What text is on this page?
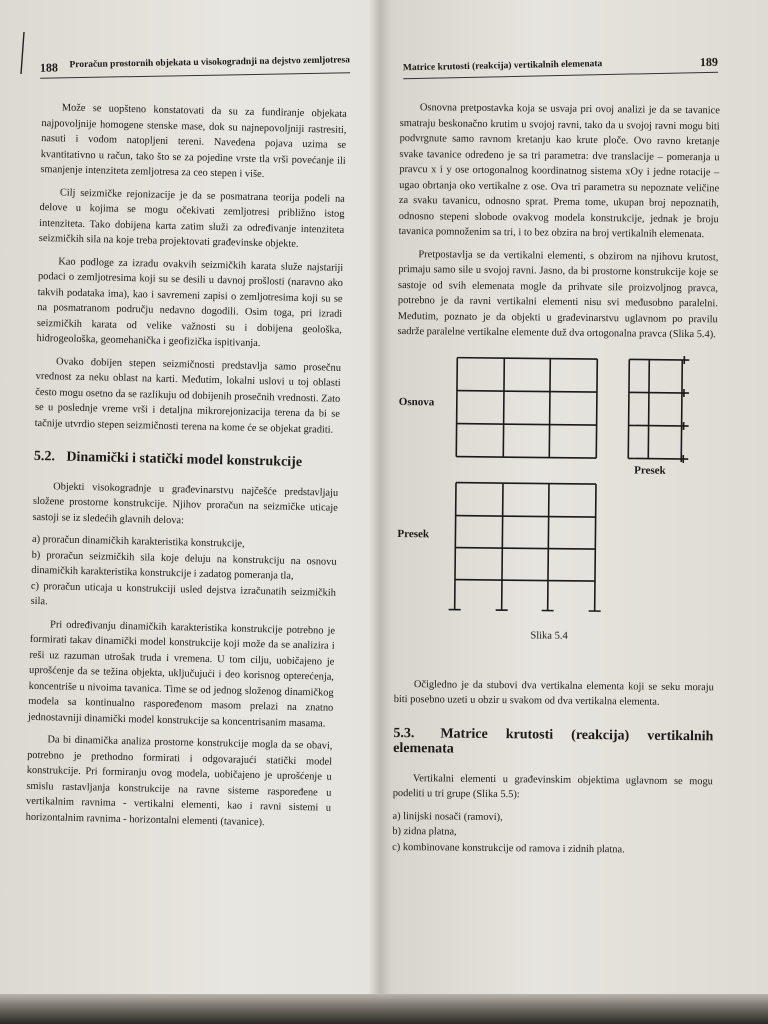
188 Proračun prostornih objekata u visokogradnji na dejstvo zemljotresa

Može se uopšteno konstatovati da su za fundiranje objekata najpovoljnije homogene stenske mase, dok su najnepovoljniji rastresiti, nasuti i vodom natopljeni tereni. Navedena pojava uzima se kvantitativno u račun, tako što se za pojedine vrste tla vrši povećanje ili smanjenje intenziteta zemljotresa za ceo stepen i više.

Cilj seizmičke rejonizacije je da se posmatrana teorija podeli na delove u kojima se mogu očekivati zemljotresi približno istog intenziteta. Tako dobijena karta zatim služi za određivanje intenziteta seizmičkih sila na koje treba projektovati građevinske objekte.

Kao podloge za izradu ovakvih seizmičkih karata služe najstariji podaci o zemljotresima koji su se desili u davnoj prošlosti (naravno ako takvih podataka ima), kao i savremeni zapisi o zemljotresima koji su se na posmatranom području nedavno dogodili. Osim toga, pri izradi seizmičkih karata od velike važnosti su i dobijena geološka, hidrogeološka, geomehanička i geofizička ispitivanja.

Ovako dobijen stepen seizmičnosti predstavlja samo prosečnu vrednost za neku oblast na karti. Međutim, lokalni uslovi u toj oblasti često mogu osetno da se razlikuju od dobijenih prosečnih vrednosti. Zato se u poslednje vreme vrši i detaljna mikrorejonizacija terena da bi se tačnije utvrdio stepen seizmičnosti terena na kome će se objekat graditi.

5.2. Dinamički i statički model konstrukcije

Objekti visokogradnje u građevinarstvu najčešće predstavljaju složene prostorne konstrukcije. Njihov proračun na seizmičke uticaje sastoji se iz sledećih glavnih delova:

a) proračun dinamičkih karakteristika konstrukcije,
b) proračun seizmičkih sila koje deluju na konstrukciju na osnovu dinamičkih karakteristika konstrukcije i zadatog pomeranja tla,
c) proračun uticaja u konstrukciji usled dejstva izračunatih seizmičkih sila.

Pri određivanju dinamičkih karakteristika konstrukcije potrebno je formirati takav dinamički model konstrukcije koji može da se analizira i reši uz razuman utrošak truda i vremena. U tom cilju, uobičajeno je uprošćenje da se težina objekta, uključujući i deo korisnog opterećenja, koncentriše u nivoima tavanica. Time se od jednog složenog dinamičkog modela sa kontinualno raspoređenom masom prelazi na znatno jednostavniji dinamički model konstrukcije sa koncentrisanim masama.

Da bi dinamička analiza prostorne konstrukcije mogla da se obavi, potrebno je prethodno formirati i odgovarajući statički model konstrukcije. Pri formiranju ovog modela, uobičajeno je uprošćenje u smislu rastavljanja konstrukcije na ravne sisteme raspoređene u vertikalnim ravnima - vertikalni elementi, kao i ravni sistemi u horizontalnim ravnima - horizontalni elementi (tavanice).

Matrice krutosti (reakcija) vertikalnih elemenata	189

Osnovna pretpostavka koja se usvaja pri ovoj analizi je da se tavanice smatraju beskonačno krutim u svojoj ravni, tako da u svojoj ravni mogu biti podvrgnute samo ravnom kretanju kao krute ploče. Ovo ravno kretanje svake tavanice određeno je sa tri parametra: dve translacije – pomeranja u pravcu x i y ose ortogonalnog koordinatnog sistema xOy i jedne rotacije – ugao obrtanja oko vertikalne z ose. Ova tri parametra su nepoznate veličine za svaku tavanicu, odnosno sprat. Prema tome, ukupan broj nepoznatih, odnosno stepeni slobode ovakvog modela konstrukcije, jednak je broju tavanica pomnoženim sa tri, i to bez obzira na broj vertikalnih elemenata.

Pretpostavlja se da vertikalni elementi, s obzirom na njihovu krutost, primaju samo sile u svojoj ravni. Jasno, da bi prostorne konstrukcije koje se sastoje od svih elemenata mogle da prihvate sile proizvoljnog pravca, potrebno je da ravni vertikalni elementi nisu svi međusobno paralelni. Međutim, poznato je da objekti u građevinarstvu uglavnom po pravilu sadrže paralelne vertikalne elemente duž dva ortogonalna pravca (Slika 5.4).

Osnova
Presek
Presek
Slika 5.4

Očigledno je da stubovi dva vertikalna elementa koji se seku moraju biti posebno uzeti u obzir u svakom od dva vertikalna elementa.

5.3. Matrice krutosti (reakcija) vertikalnih elemenata

Vertikalni elementi u građevinskim objektima uglavnom se mogu podeliti u tri grupe (Slika 5.5):

a) linijski nosači (ramovi),
b) zidna platna,
c) kombinovane konstrukcije od ramova i zidnih platna.
